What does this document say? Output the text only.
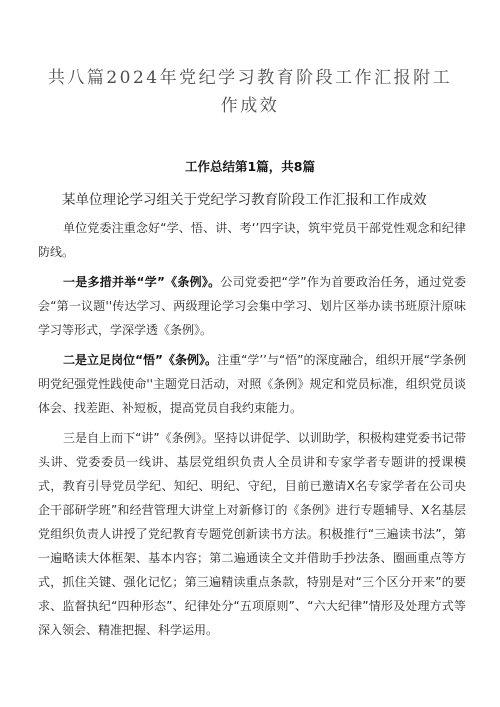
共八篇2024年党纪学习教育阶段工作汇报附工作成效
工作总结第1篇，共8篇

某单位理论学习组关于党纪学习教育阶段工作汇报和工作成效

单位党委注重念好“学、悟、讲、考‘’四字诀，筑牢党员干部党性观念和纪律防线。

一是多措并举“学”《条例》。公司党委把“学”作为首要政治任务，通过党委会“第一议题''传达学习、两级理论学习会集中学习、划片区举办读书班原汁原味学习等形式，学深学透《条例》。

二是立足岗位“悟”《条例》。注重“学’’与“悟”的深度融合，组织开展“学条例明党纪强党性践使命''主题党日活动，对照《条例》规定和党员标准，组织党员谈体会、找差距、补短板，提高党员自我约束能力。

三是自上而下“讲”《条例》。坚持以讲促学、以训助学，积极构建党委书记带头讲、党委委员一线讲、基层党组织负责人全员讲和专家学者专题讲的授课模式，教育引导党员学纪、知纪、明纪、守纪，目前已邀请X名专家学者在公司央企干部研学班”和经营管理大讲堂上对新修订的《条例》进行专题辅导、X名基层党组织负责人讲授了党纪教育专题党创新读书方法。积极推行“三遍读书法”，第一遍略读大体框架、基本内容；第二遍通读全文并借助手抄法条、圈画重点等方式，抓住关键、强化记忆；第三遍精读重点条款，特别是对“三个区分开来”的要求、监督执纪“四种形态”、纪律处分“五项原则”、“六大纪律”情形及处理方式等深入领会、精准把握、科学运用。
